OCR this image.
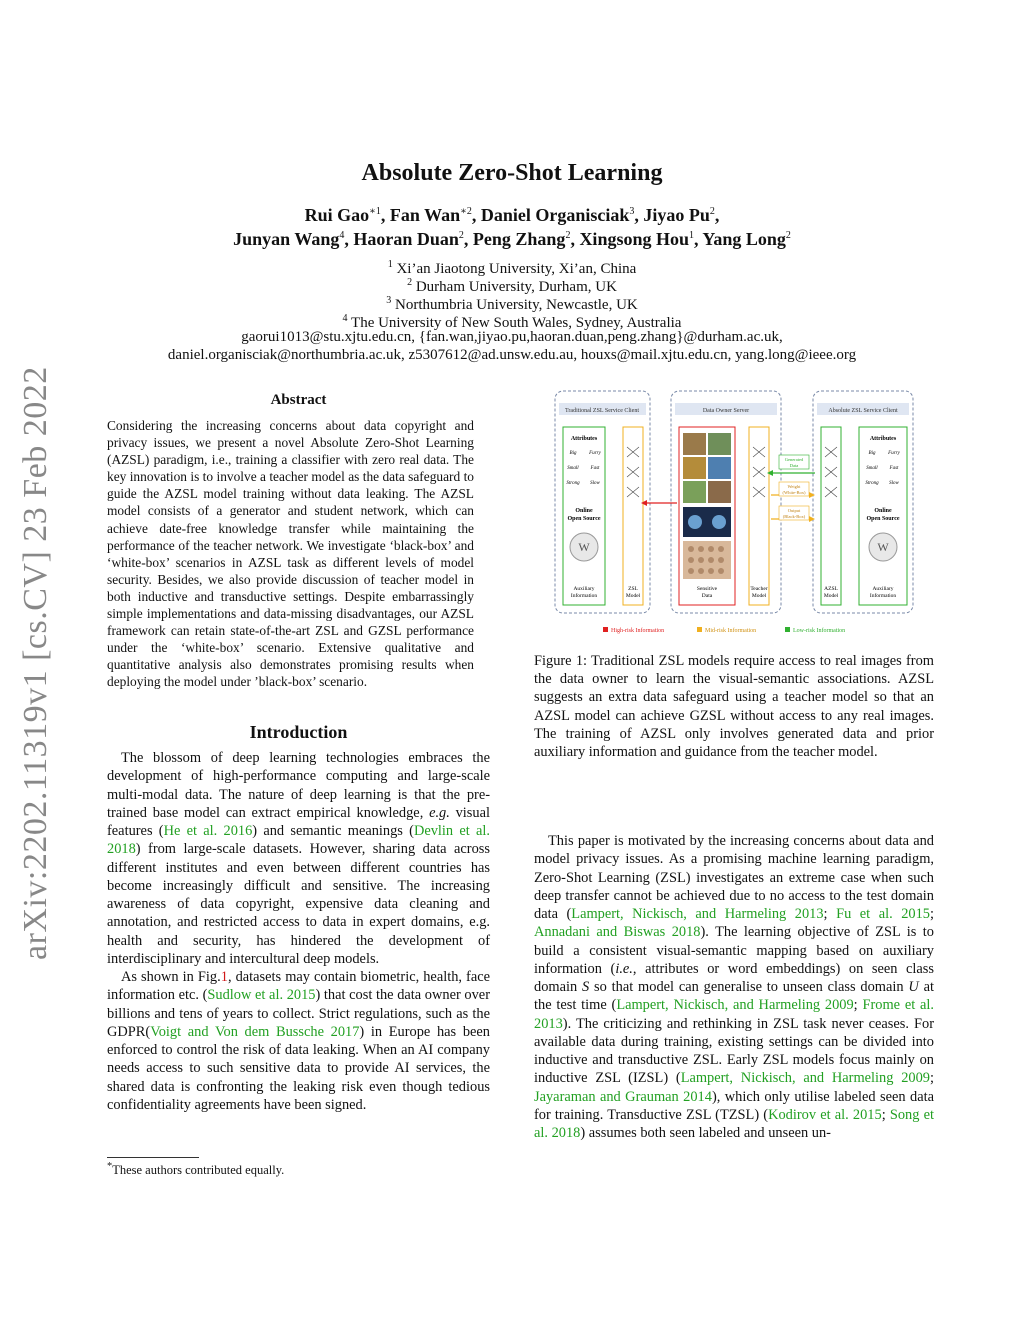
arXiv:2202.11319v1 [cs.CV] 23 Feb 2022
Absolute Zero-Shot Learning
Rui Gao$^{∗1}$, Fan Wan$^{∗2}$, Daniel Organisciak$^3$, Jiyao Pu$^2$,
Junyan Wang$^4$, Haoran Duan$^2$, Peng Zhang$^2$, Xingsong Hou$^1$, Yang Long$^2$
$^1$ Xi’an Jiaotong University, Xi’an, China
$^2$ Durham University, Durham, UK
$^3$ Northumbria University, Newcastle, UK
$^4$ The University of New South Wales, Sydney, Australia
gaorui1013@stu.xjtu.edu.cn, {fan.wan,jiyao.pu,haoran.duan,peng.zhang}@durham.ac.uk,
daniel.organisciak@northumbria.ac.uk, z5307612@ad.unsw.edu.au, houxs@mail.xjtu.edu.cn, yang.long@ieee.org
Abstract
Considering the increasing concerns about data copyright and privacy issues, we present a novel Absolute Zero-Shot Learning (AZSL) paradigm, i.e., training a classifier with zero real data. The key innovation is to involve a teacher model as the data safeguard to guide the AZSL model training without data leaking. The AZSL model consists of a generator and student network, which can achieve date-free knowledge transfer while maintaining the performance of the teacher network. We investigate ‘black-box’ and ‘white-box’ scenarios in AZSL task as different levels of model security. Besides, we also provide discussion of teacher model in both inductive and transductive settings. Despite embarrassingly simple implementations and data-missing disadvantages, our AZSL framework can retain state-of-the-art ZSL and GZSL performance under the ‘white-box’ scenario. Extensive qualitative and quantitative analysis also demonstrates promising results when deploying the model under ’black-box’ scenario.
Introduction

The blossom of deep learning technologies embraces the development of high-performance computing and large-scale multi-modal data. The nature of deep learning is that the pre-trained base model can extract empirical knowledge, e.g. visual features (He et al. 2016) and semantic meanings (Devlin et al. 2018) from large-scale datasets. However, sharing data across different institutes and even between different countries has become increasingly difficult and sensitive. The increasing awareness of data copyright, expensive data cleaning and annotation, and restricted access to data in expert domains, e.g. health and security, has hindered the development of interdisciplinary and intercultural deep models.

As shown in Fig.1, datasets may contain biometric, health, face information etc. (Sudlow et al. 2015) that cost the data owner over billions and tens of years to collect. Strict regulations, such as the GDPR(Voigt and Von dem Bussche 2017) in Europe has been enforced to control the risk of data leaking. When an AI company needs access to such sensitive data to provide AI services, the shared data is confronting the leaking risk even though tedious confidentiality agreements have been signed.

*These authors contributed equally.
Traditional ZSL Service Client	Data Owner Server	Absolute ZSL Service Client
Attributes
Big	Furry
Small Fast
Strong Slow
Online
Open Source
W
Auxiliary
Information
ZSL
Model
Sensitive
Data
Teacher
Model
Generated
Data
Weight
(White-Box)
Output
(Black-Box)
AZSL
Model
Attributes
Big	Furry
Small Fast
Strong Slow
Online
Open Source
W
Auxiliary
Information
High-risk Information	Mid-risk Information	Low-risk Information
Figure 1: Traditional ZSL models require access to real images from the data owner to learn the visual-semantic associations. AZSL suggests an extra data safeguard using a teacher model so that an AZSL model can achieve GZSL without access to any real images. The training of AZSL only involves generated data and prior auxiliary information and guidance from the teacher model.

This paper is motivated by the increasing concerns about data and model privacy issues. As a promising machine learning paradigm, Zero-Shot Learning (ZSL) investigates an extreme case when such deep transfer cannot be achieved due to no access to the test domain data (Lampert, Nickisch, and Harmeling 2013; Fu et al. 2015; Annadani and Biswas 2018). The learning objective of ZSL is to build a consistent visual-semantic mapping based on auxiliary information (i.e., attributes or word embeddings) on seen class domain S so that model can generalise to unseen class domain U at the test time (Lampert, Nickisch, and Harmeling 2009; Frome et al. 2013). The criticizing and rethinking in ZSL task never ceases. For available data during training, existing settings can be divided into inductive and transductive ZSL. Early ZSL models focus mainly on inductive ZSL (IZSL) (Lampert, Nickisch, and Harmeling 2009; Jayaraman and Grauman 2014), which only utilise labeled seen data for training. Transductive ZSL (TZSL) (Kodirov et al. 2015; Song et al. 2018) assumes both seen labeled and unseen un-
